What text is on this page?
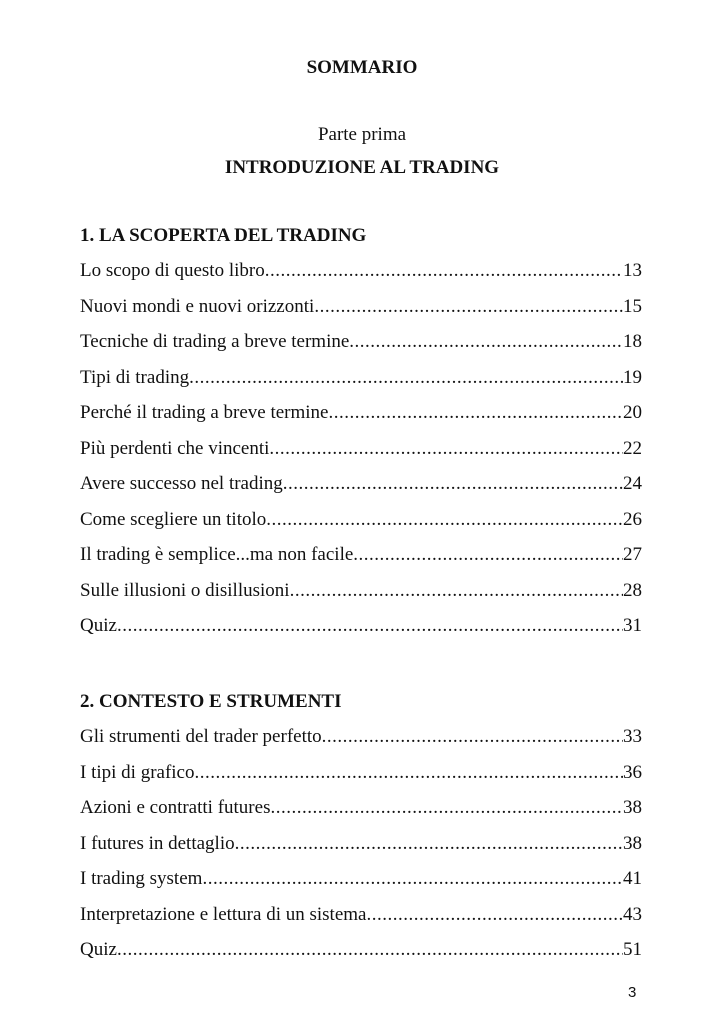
SOMMARIO
Parte prima
INTRODUZIONE AL TRADING
1. LA SCOPERTA DEL TRADING
Lo scopo di questo libro .....	13
Nuovi mondi e nuovi orizzonti .....	15
Tecniche di trading a breve termine .....	18
Tipi di trading .....	19
Perché il trading a breve termine .....	20
Più perdenti che vincenti .....	22
Avere successo nel trading .....	24
Come scegliere un titolo .....	26
Il trading è semplice...ma non facile .....	27
Sulle illusioni o disillusioni .....	28
Quiz .....	31
2. CONTESTO E STRUMENTI
Gli strumenti del trader perfetto .....	33
I tipi di grafico .....	36
Azioni e contratti futures .....	38
I futures in dettaglio .....	38
I trading system .....	41
Interpretazione e lettura di un sistema .....	43
Quiz .....	51
3
